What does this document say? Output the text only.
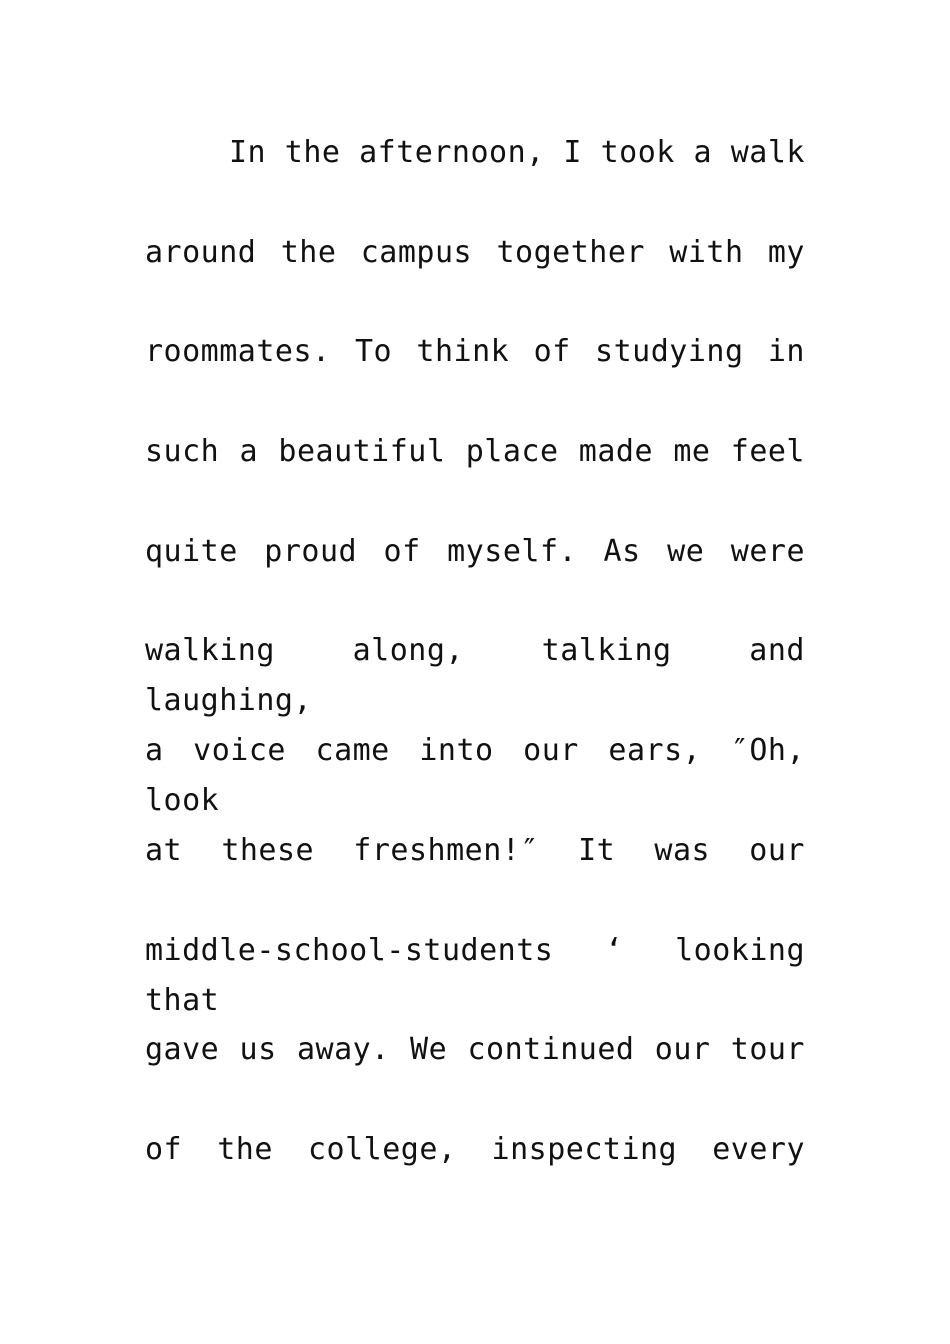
In the afternoon, I took a walk
around the campus together with my
roommates. To think of studying in
such a beautiful place made me feel
quite proud of myself. As we were
walking along, talking and laughing,
a voice came into our ears, ″Oh, look
at these freshmen!″ It was our
middle-school-students ‘ looking that
gave us away. We continued our tour
of the college, inspecting every
